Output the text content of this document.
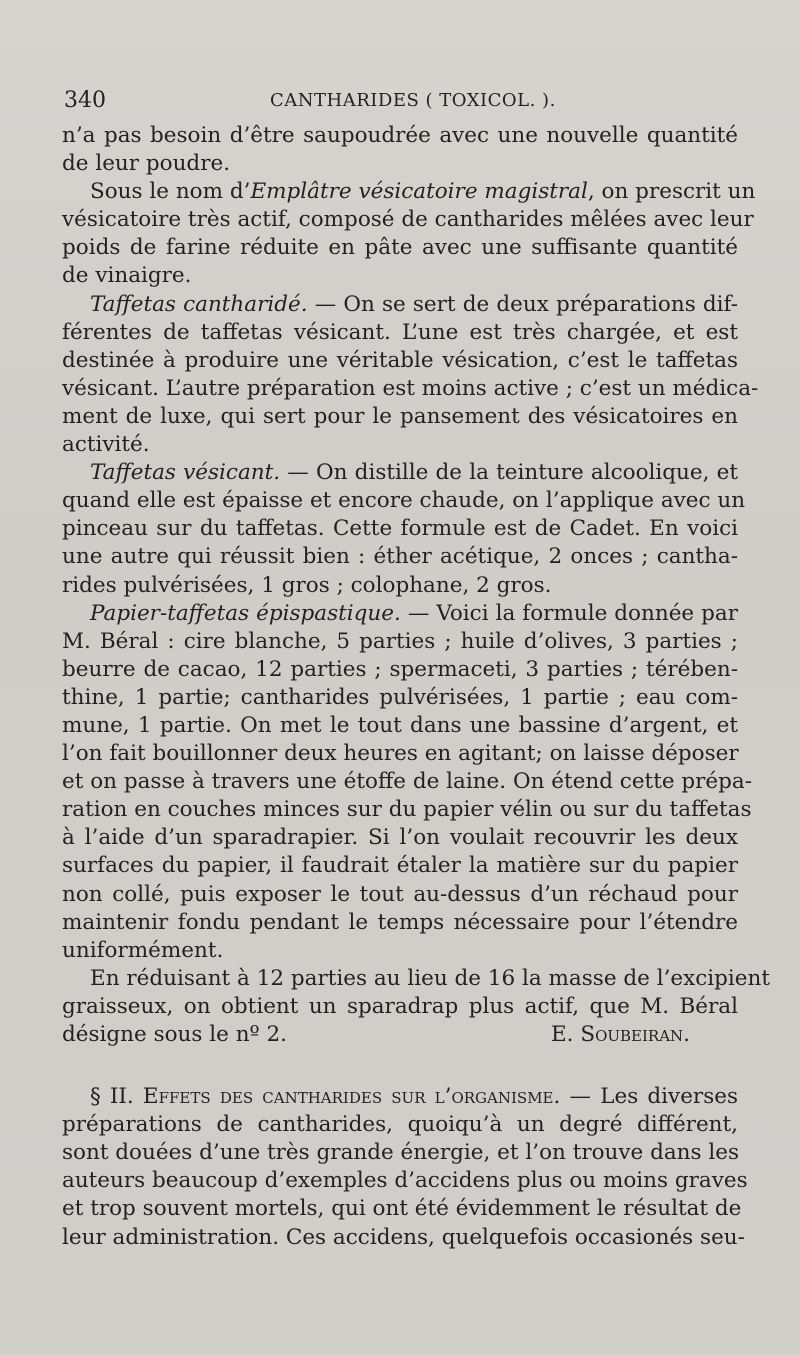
340	CANTHARIDES ( TOXICOL. ).
n’a pas besoin d’être saupoudrée avec une nouvelle quantité
de leur poudre.
Sous le nom d’Emplâtre vésicatoire magistral, on prescrit un
vésicatoire très actif, composé de cantharides mêlées avec leur
poids de farine réduite en pâte avec une suffisante quantité
de vinaigre.
Taffetas cantharidé. — On se sert de deux préparations dif-
férentes de taffetas vésicant. L’une est très chargée, et est
destinée à produire une véritable vésication, c’est le taffetas
vésicant. L’autre préparation est moins active ; c’est un médica-
ment de luxe, qui sert pour le pansement des vésicatoires en
activité.
Taffetas vésicant. — On distille de la teinture alcoolique, et
quand elle est épaisse et encore chaude, on l’applique avec un
pinceau sur du taffetas. Cette formule est de Cadet. En voici
une autre qui réussit bien : éther acétique, 2 onces ; cantha-
rides pulvérisées, 1 gros ; colophane, 2 gros.
Papier-taffetas épispastique. — Voici la formule donnée par
M. Béral : cire blanche, 5 parties ; huile d’olives, 3 parties ;
beurre de cacao, 12 parties ; spermaceti, 3 parties ; térében-
thine, 1 partie; cantharides pulvérisées, 1 partie ; eau com-
mune, 1 partie. On met le tout dans une bassine d’argent, et
l’on fait bouillonner deux heures en agitant; on laisse déposer
et on passe à travers une étoffe de laine. On étend cette prépa-
ration en couches minces sur du papier vélin ou sur du taffetas
à l’aide d’un sparadrapier. Si l’on voulait recouvrir les deux
surfaces du papier, il faudrait étaler la matière sur du papier
non collé, puis exposer le tout au-dessus d’un réchaud pour
maintenir fondu pendant le temps nécessaire pour l’étendre
uniformément.
En réduisant à 12 parties au lieu de 16 la masse de l’excipient
graisseux, on obtient un sparadrap plus actif, que M. Béral
désigne sous le nº 2.	E. Soubeiran.
§ II. Effets des cantharides sur l’organisme. — Les diverses
préparations de cantharides, quoiqu’à un degré différent,
sont douées d’une très grande énergie, et l’on trouve dans les
auteurs beaucoup d’exemples d’accidens plus ou moins graves
et trop souvent mortels, qui ont été évidemment le résultat de
leur administration. Ces accidens, quelquefois occasionés seu-
